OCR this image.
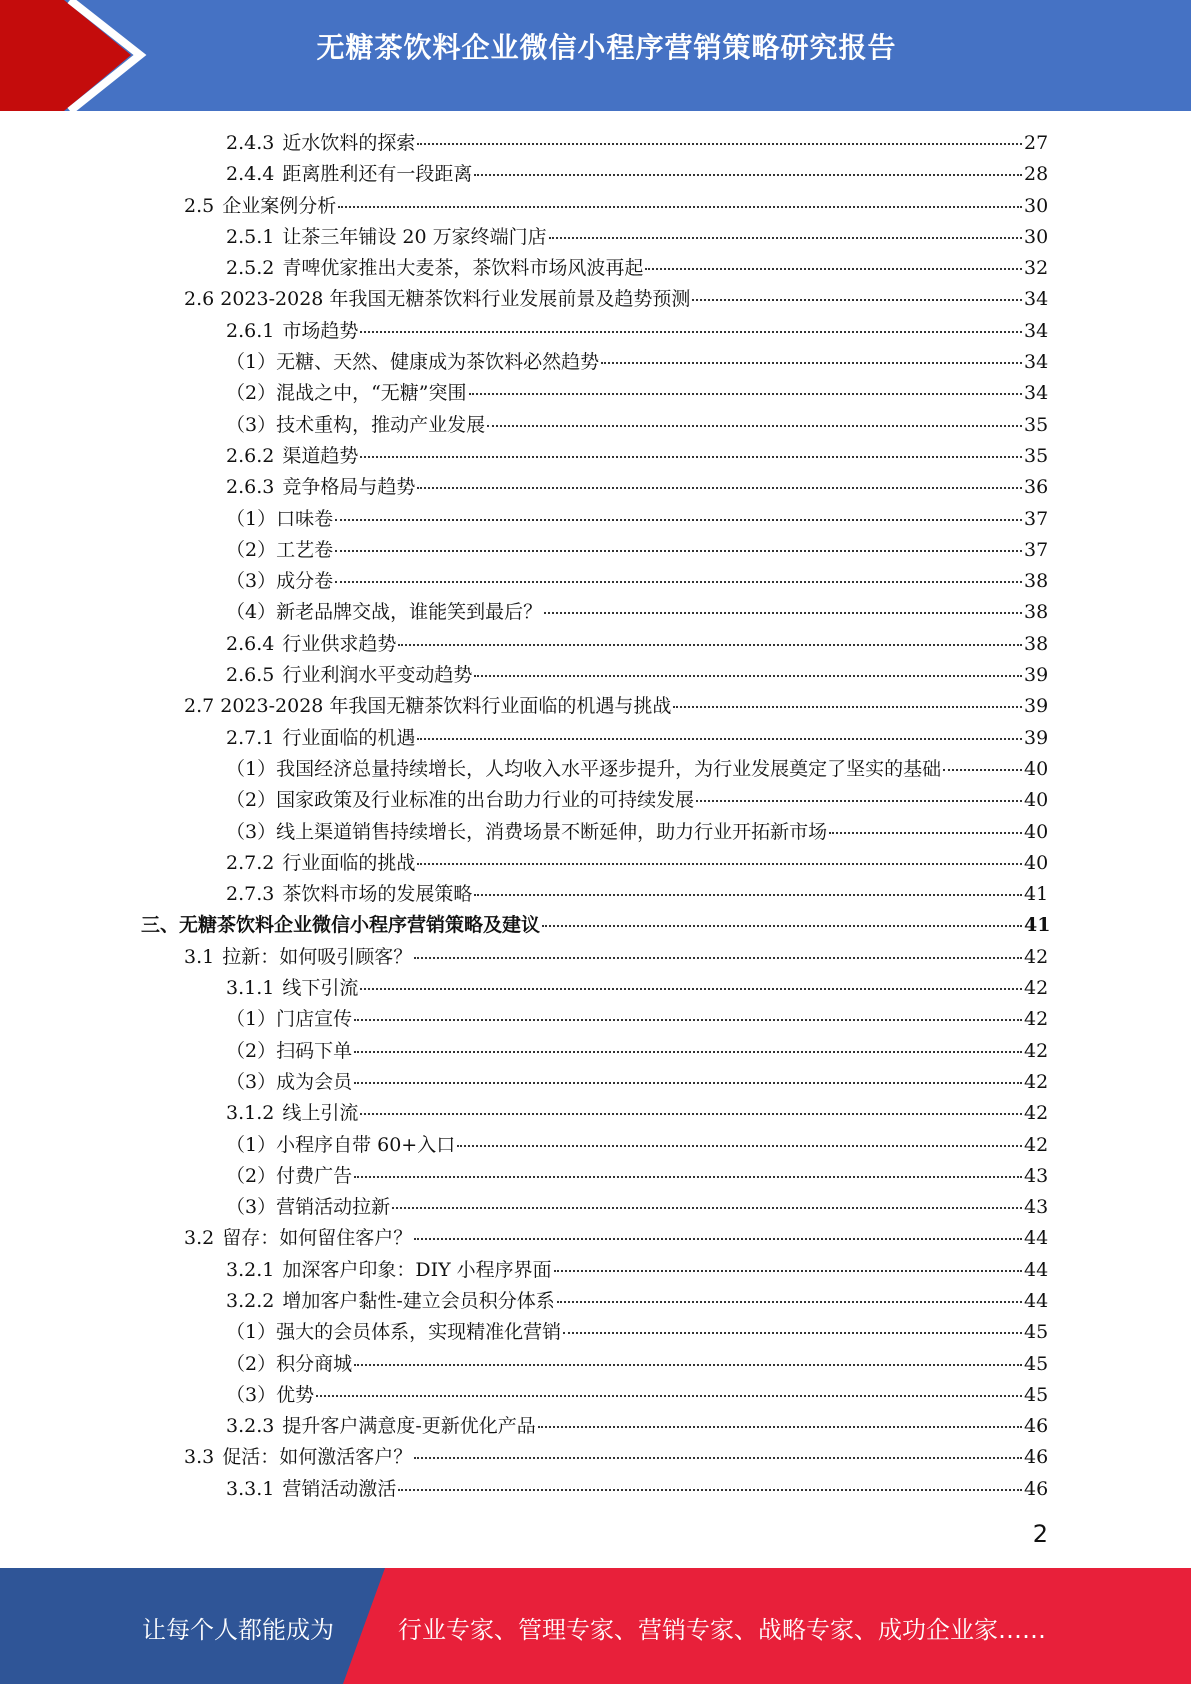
无糖茶饮料企业微信小程序营销策略研究报告
2.4.3 近水饮料的探索	27
2.4.4 距离胜利还有一段距离	28
2.5 企业案例分析	30
2.5.1 让茶三年铺设 20 万家终端门店	30
2.5.2 青啤优家推出大麦茶，茶饮料市场风波再起	32
2.6 2023-2028 年我国无糖茶饮料行业发展前景及趋势预测	34
2.6.1 市场趋势	34
（1）无糖、天然、健康成为茶饮料必然趋势	34
（2）混战之中，“无糖”突围	34
（3）技术重构，推动产业发展	35
2.6.2 渠道趋势	35
2.6.3 竞争格局与趋势	36
（1）口味卷	37
（2）工艺卷	37
（3）成分卷	38
（4）新老品牌交战，谁能笑到最后？	38
2.6.4 行业供求趋势	38
2.6.5 行业利润水平变动趋势	39
2.7 2023-2028 年我国无糖茶饮料行业面临的机遇与挑战	39
2.7.1 行业面临的机遇	39
（1）我国经济总量持续增长，人均收入水平逐步提升，为行业发展奠定了坚实的基础	40
（2）国家政策及行业标准的出台助力行业的可持续发展	40
（3）线上渠道销售持续增长，消费场景不断延伸，助力行业开拓新市场	40
2.7.2 行业面临的挑战	40
2.7.3 茶饮料市场的发展策略	41
三、无糖茶饮料企业微信小程序营销策略及建议	41
3.1 拉新：如何吸引顾客？	42
3.1.1 线下引流	42
（1）门店宣传	42
（2）扫码下单	42
（3）成为会员	42
3.1.2 线上引流	42
（1）小程序自带 60+入口	42
（2）付费广告	43
（3）营销活动拉新	43
3.2 留存：如何留住客户？	44
3.2.1 加深客户印象：DIY 小程序界面	44
3.2.2 增加客户黏性-建立会员积分体系	44
（1）强大的会员体系，实现精准化营销	45
（2）积分商城	45
（3）优势	45
3.2.3 提升客户满意度-更新优化产品	46
3.3 促活：如何激活客户？	46
3.3.1 营销活动激活	46
2
让每个人都能成为	行业专家、管理专家、营销专家、战略专家、成功企业家……
